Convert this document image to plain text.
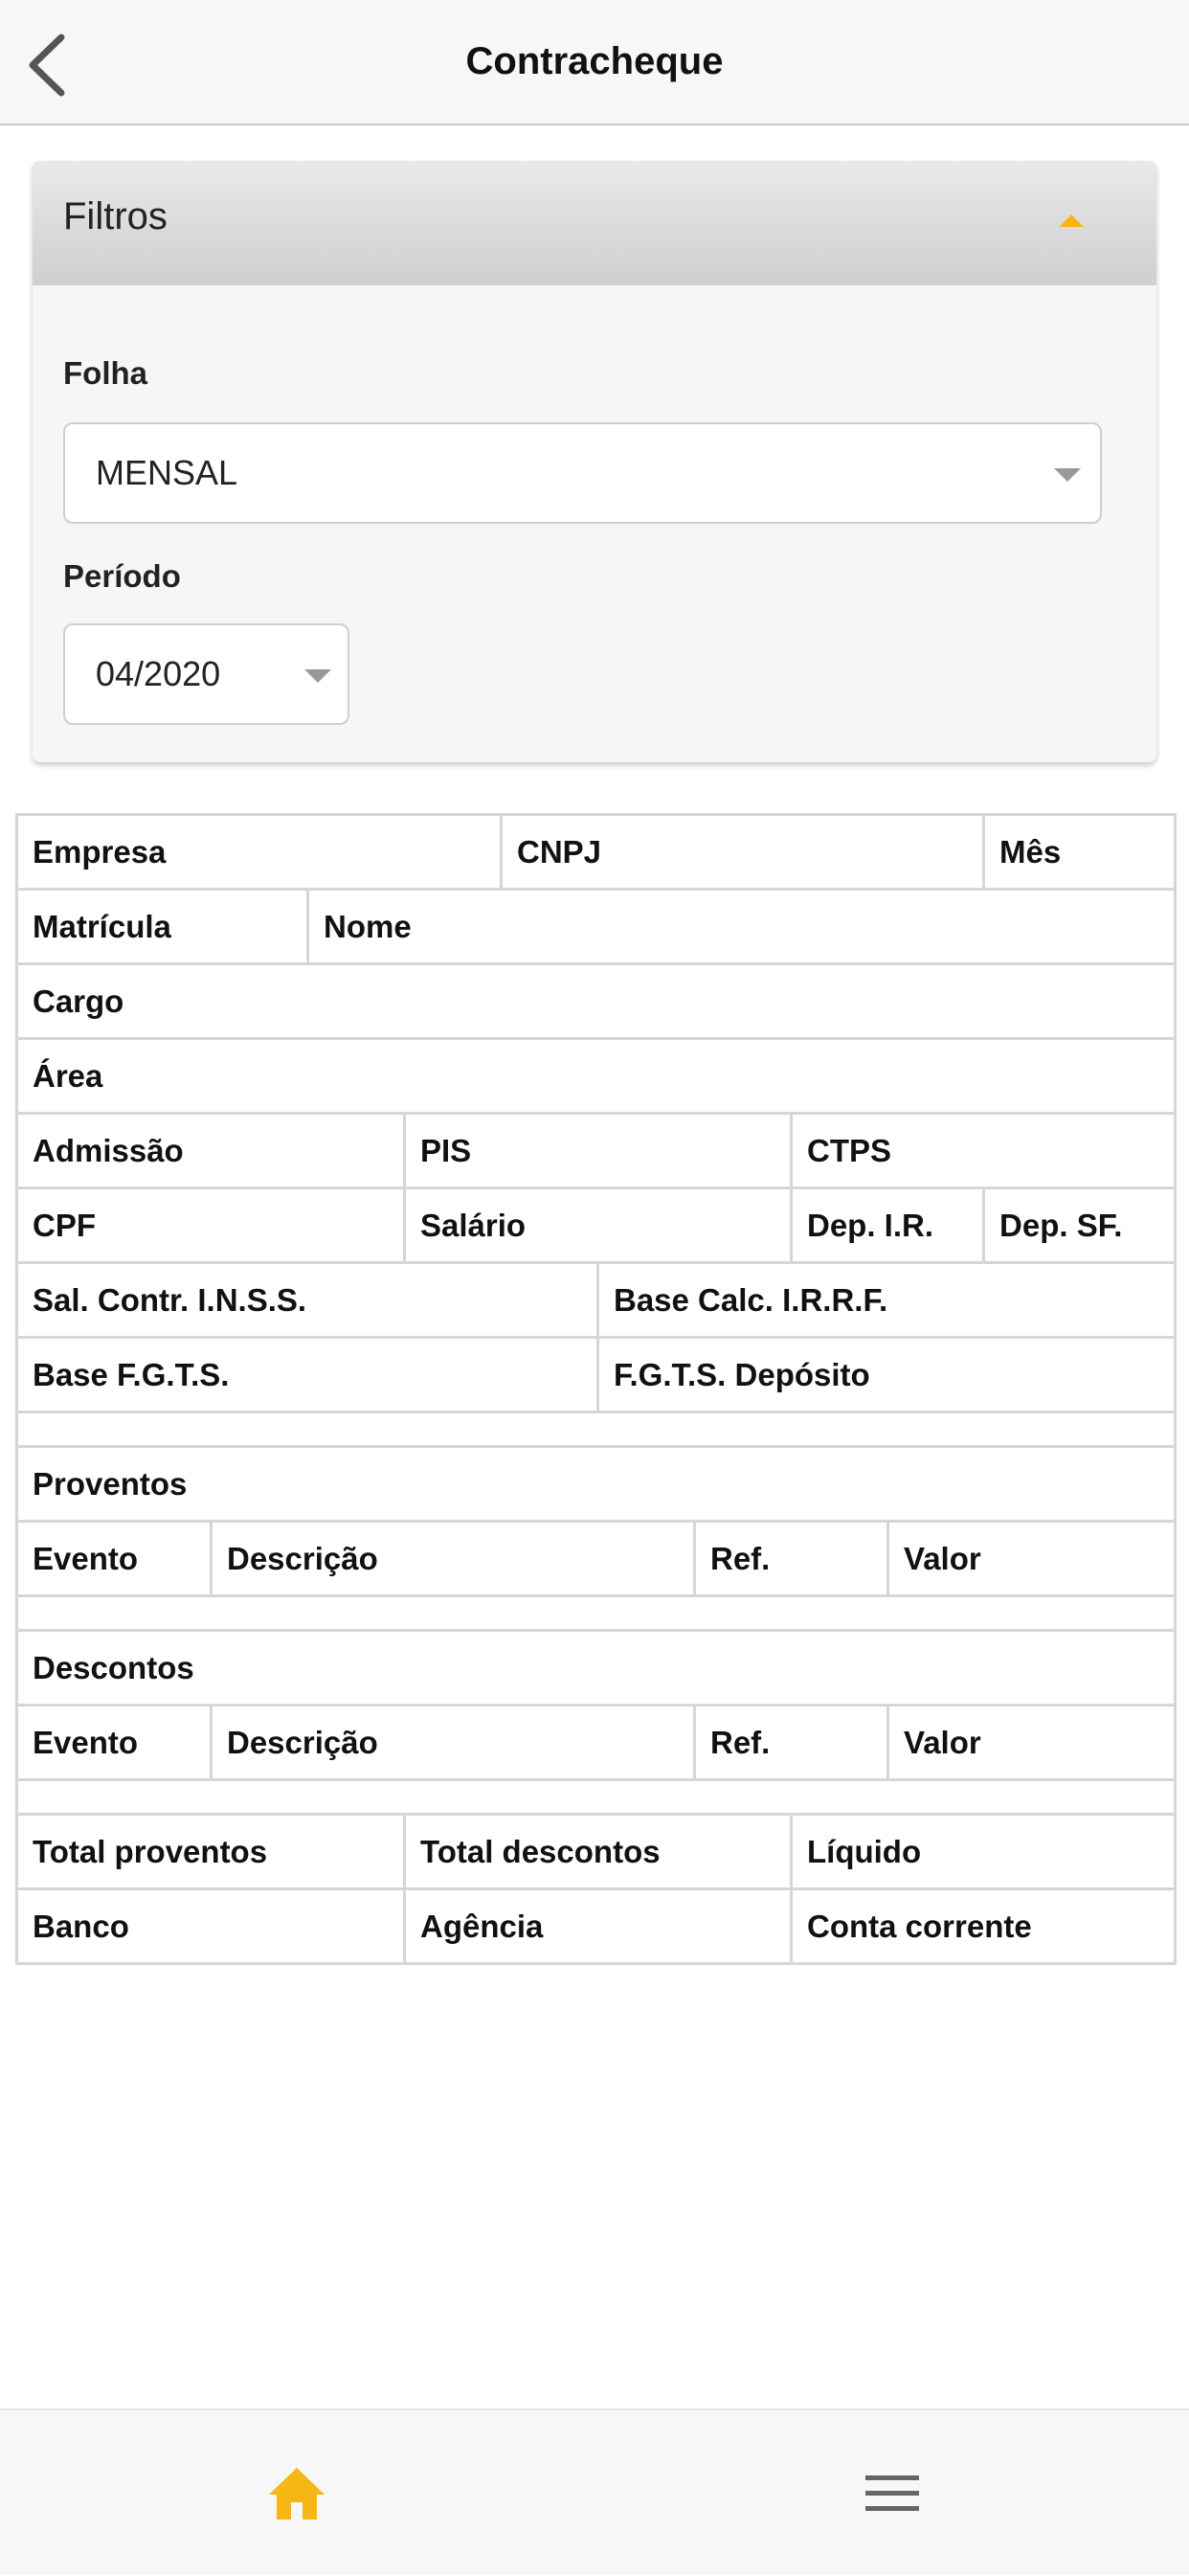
Contracheque
Filtros
Folha
MENSAL
Período
04/2020
Empresa				CNPJ					Mês
Matrícula		Nome							
Cargo									
Área									
Admissão			PIS				CTPS		
CPF			Salário				Dep. I.R.		Dep. SF.
Sal. Contr. I.N.S.S.					Base Calc. I.R.R.F.				
Base F.G.T.S.					F.G.T.S. Depósito				

Proventos									
Evento	Descrição					Ref.		Valor	

Descontos									
Evento	Descrição					Ref.		Valor	

Total proventos			Total descontos				Líquido		
Banco			Agência				Conta corrente		
